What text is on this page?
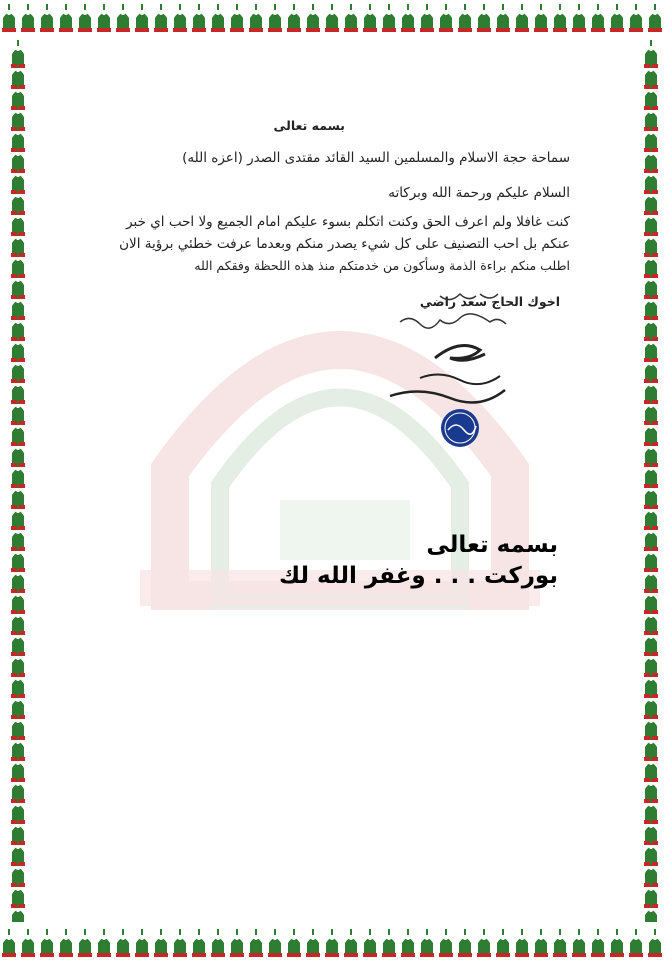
بسمه تعالى
سماحة حجة الاسلام والمسلمين السيد القائد مقتدى الصدر (اعزه الله)
السلام عليكم ورحمة الله وبركاته
كنت غافلا ولم اعرف الحق وكنت اتكلم بسوء عليكم امام الجميع ولا احب اي خبر
عنكم بل احب التصنيف على كل شيء يصدر منكم وبعدما عرفت خطئي برؤية الان
اطلب منكم براءة الذمة وسأكون من خدمتكم منذ هذه اللحظة وفقكم الله
اخوك الحاج سعد راضي
بسمه تعالى
بوركت . . . وغفر الله لك
